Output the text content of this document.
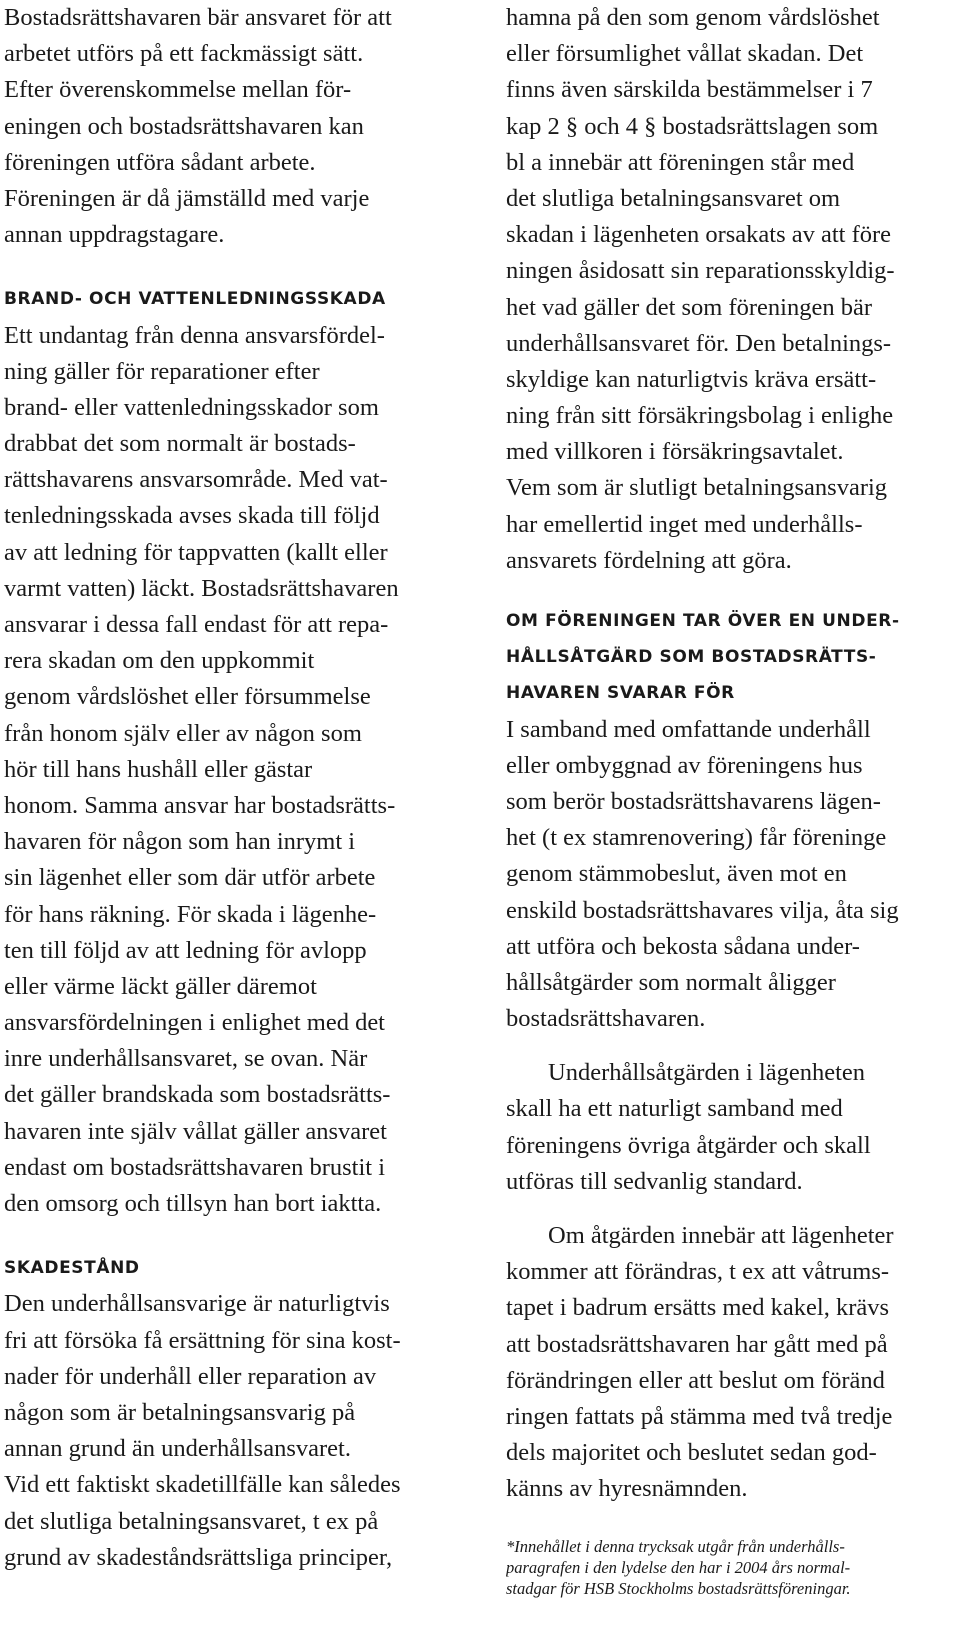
Bostadsrättshavaren bär ansvaret för att
arbetet utförs på ett fackmässigt sätt.
Efter överenskommelse mellan för-
eningen och bostadsrättshavaren kan
föreningen utföra sådant arbete.
Föreningen är då jämställd med varje
annan uppdragstagare.
BRAND- OCH VATTENLEDNINGSSKADA
Ett undantag från denna ansvarsfördel-
ning gäller för reparationer efter
brand- eller vattenledningsskador som
drabbat det som normalt är bostads-
rättshavarens ansvarsområde. Med vat-
tenledningsskada avses skada till följd
av att ledning för tappvatten (kallt eller
varmt vatten) läckt. Bostadsrättshavaren
ansvarar i dessa fall endast för att repa-
rera skadan om den uppkommit
genom vårdslöshet eller försummelse
från honom själv eller av någon som
hör till hans hushåll eller gästar
honom. Samma ansvar har bostadsrätts-
havaren för någon som han inrymt i
sin lägenhet eller som där utför arbete
för hans räkning. För skada i lägenhe-
ten till följd av att ledning för avlopp
eller värme läckt gäller däremot
ansvarsfördelningen i enlighet med det
inre underhållsansvaret, se ovan. När
det gäller brandskada som bostadsrätts-
havaren inte själv vållat gäller ansvaret
endast om bostadsrättshavaren brustit i
den omsorg och tillsyn han bort iaktta.
SKADESTÅND
Den underhållsansvarige är naturligtvis
fri att försöka få ersättning för sina kost-
nader för underhåll eller reparation av
någon som är betalningsansvarig på
annan grund än underhållsansvaret.
Vid ett faktiskt skadetillfälle kan således
det slutliga betalningsansvaret, t ex på
grund av skadeståndsrättsliga principer,
hamna på den som genom vårdslöshet
eller försumlighet vållat skadan. Det
finns även särskilda bestämmelser i 7
kap 2 § och 4 § bostadsrättslagen som
bl a innebär att föreningen står med
det slutliga betalningsansvaret om
skadan i lägenheten orsakats av att före
ningen åsidosatt sin reparationsskyldig-
het vad gäller det som föreningen bär
underhållsansvaret för. Den betalnings-
skyldige kan naturligtvis kräva ersätt-
ning från sitt försäkringsbolag i enlighe
med villkoren i försäkringsavtalet.
Vem som är slutligt betalningsansvarig
har emellertid inget med underhålls-
ansvarets fördelning att göra.
OM FÖRENINGEN TAR ÖVER EN UNDER-
HÅLLSÅTGÄRD SOM BOSTADSRÄTTS-
HAVAREN SVARAR FÖR
I samband med omfattande underhåll
eller ombyggnad av föreningens hus
som berör bostadsrättshavarens lägen-
het (t ex stamrenovering) får föreninge
genom stämmobeslut, även mot en
enskild bostadsrättshavares vilja, åta sig
att utföra och bekosta sådana under-
hållsåtgärder som normalt åligger
bostadsrättshavaren.
Underhållsåtgärden i lägenheten
skall ha ett naturligt samband med
föreningens övriga åtgärder och skall
utföras till sedvanlig standard.
Om åtgärden innebär att lägenheter
kommer att förändras, t ex att våtrums-
tapet i badrum ersätts med kakel, krävs
att bostadsrättshavaren har gått med på
förändringen eller att beslut om föränd
ringen fattats på stämma med två tredje
dels majoritet och beslutet sedan god-
känns av hyresnämnden.
*Innehållet i denna trycksak utgår från underhålls-
paragrafen i den lydelse den har i 2004 års normal-
stadgar för HSB Stockholms bostadsrättsföreningar.
